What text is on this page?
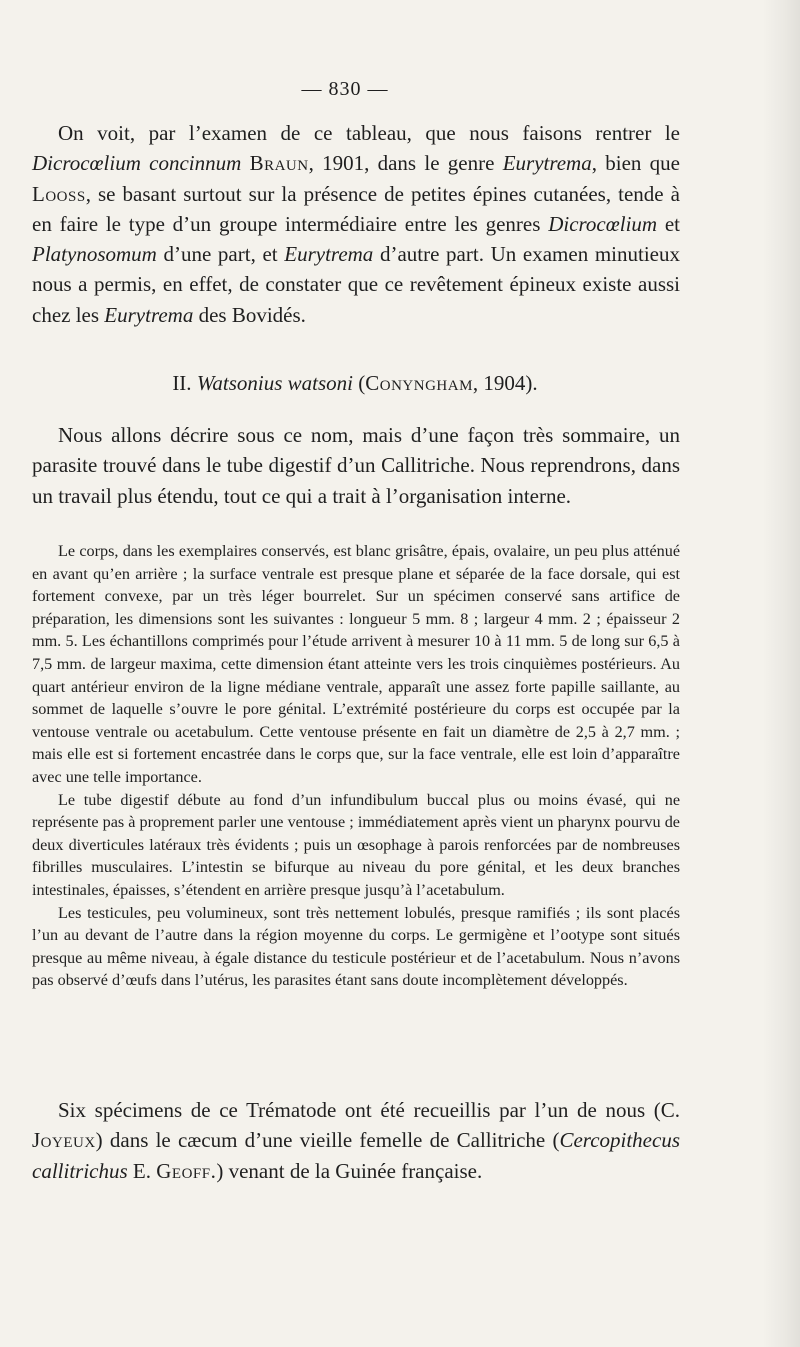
— 830 —

On voit, par l’examen de ce tableau, que nous faisons rentrer le Dicrocœlium concinnum Braun, 1901, dans le genre Eurytrema, bien que Looss, se basant surtout sur la présence de petites épines cutanées, tende à en faire le type d’un groupe intermédiaire entre les genres Dicrocœlium et Platynosomum d’une part, et Eurytrema d’autre part. Un examen minutieux nous a permis, en effet, de constater que ce revêtement épineux existe aussi chez les Eurytrema des Bovidés.

II. Watsonius watsoni (Conyngham, 1904).

Nous allons décrire sous ce nom, mais d’une façon très sommaire, un parasite trouvé dans le tube digestif d’un Callitriche. Nous reprendrons, dans un travail plus étendu, tout ce qui a trait à l’organisation interne.

Le corps, dans les exemplaires conservés, est blanc grisâtre, épais, ovalaire, un peu plus atténué en avant qu’en arrière ; la surface ventrale est presque plane et séparée de la face dorsale, qui est fortement convexe, par un très léger bourrelet. Sur un spécimen conservé sans artifice de préparation, les dimensions sont les suivantes : longueur 5 mm. 8 ; largeur 4 mm. 2 ; épaisseur 2 mm. 5. Les échantillons comprimés pour l’étude arrivent à mesurer 10 à 11 mm. 5 de long sur 6,5 à 7,5 mm. de largeur maxima, cette dimension étant atteinte vers les trois cinquièmes postérieurs. Au quart antérieur environ de la ligne médiane ventrale, apparaît une assez forte papille saillante, au sommet de laquelle s’ouvre le pore génital. L’extrémité postérieure du corps est occupée par la ventouse ventrale ou acetabulum. Cette ventouse présente en fait un diamètre de 2,5 à 2,7 mm. ; mais elle est si fortement encastrée dans le corps que, sur la face ventrale, elle est loin d’apparaître avec une telle importance.

Le tube digestif débute au fond d’un infundibulum buccal plus ou moins évasé, qui ne représente pas à proprement parler une ventouse ; immédiatement après vient un pharynx pourvu de deux diverticules latéraux très évidents ; puis un œsophage à parois renforcées par de nombreuses fibrilles musculaires. L’intestin se bifurque au niveau du pore génital, et les deux branches intestinales, épaisses, s’étendent en arrière presque jusqu’à l’acetabulum.

Les testicules, peu volumineux, sont très nettement lobulés, presque ramifiés ; ils sont placés l’un au devant de l’autre dans la région moyenne du corps. Le germigène et l’ootype sont situés presque au même niveau, à égale distance du testicule postérieur et de l’acetabulum. Nous n’avons pas observé d’œufs dans l’utérus, les parasites étant sans doute incomplètement développés.

Six spécimens de ce Trématode ont été recueillis par l’un de nous (C. Joyeux) dans le cæcum d’une vieille femelle de Callitriche (Cercopithecus callitrichus E. Geoff.) venant de la Guinée française.
